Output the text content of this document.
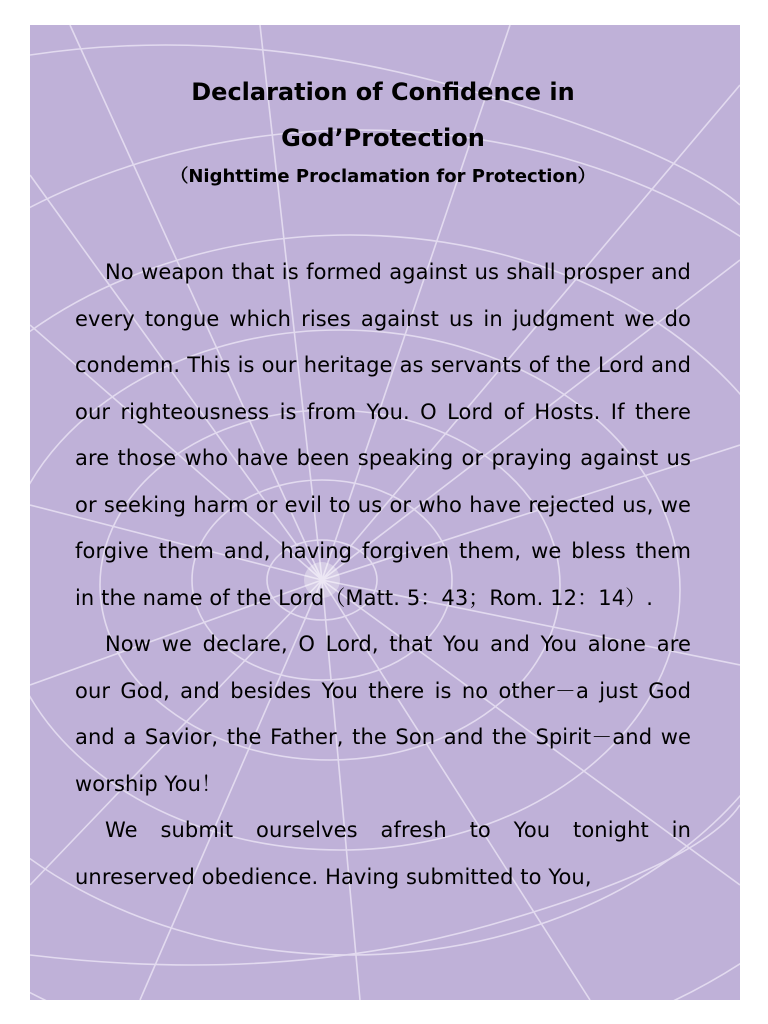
Declaration of Confidence in

God’Protection

（Nighttime Proclamation for Protection）

No weapon that is formed against us shall prosper and every tongue which rises against us in judgment we do condemn. This is our heritage as servants of the Lord and our righteousness is from You. O Lord of Hosts. If there are those who have been speaking or praying against us or seeking harm or evil to us or who have rejected us, we forgive them and, having forgiven them, we bless them in the name of the Lord（Matt. 5：43；Rom. 12：14）.

Now we declare, O Lord, that You and You alone are our God, and besides You there is no other－a just God and a Savior, the Father, the Son and the Spirit－and we worship You！

We submit ourselves afresh to You tonight in unreserved obedience. Having submitted to You,
